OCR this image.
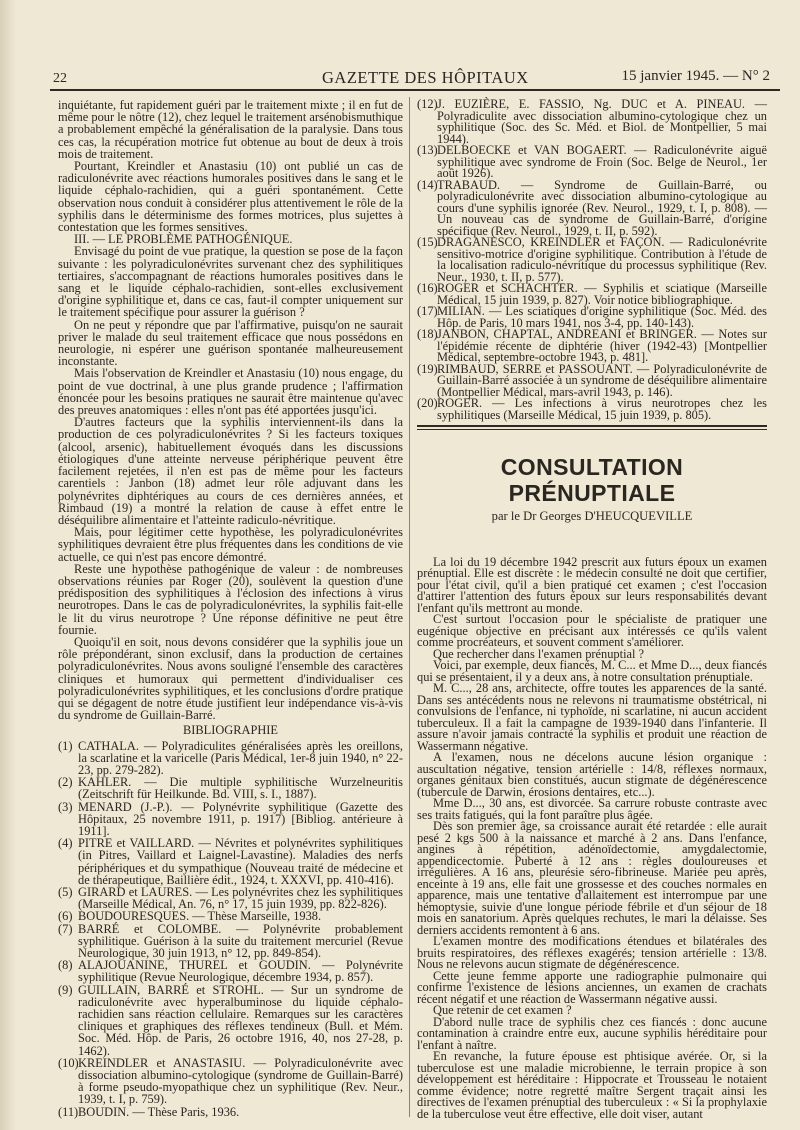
22	GAZETTE DES HÔPITAUX	15 janvier 1945. — N° 2

inquiétante, fut rapidement guéri par le traitement mixte ; il en fut de même pour le nôtre (12), chez lequel le traitement arsénobismuthique a probablement empêché la généralisation de la paralysie. Dans tous ces cas, la récupération motrice fut obtenue au bout de deux à trois mois de traitement.

Pourtant, Kreindler et Anastasiu (10) ont publié un cas de radiculonévrite avec réactions humorales positives dans le sang et le liquide céphalo-rachidien, qui a guéri spontanément. Cette observation nous conduit à considérer plus attentivement le rôle de la syphilis dans le déterminisme des formes motrices, plus sujettes à contestation que les formes sensitives.

III. — LE PROBLÈME PATHOGÉNIQUE.

Envisagé du point de vue pratique, la question se pose de la façon suivante : les polyradiculonévrites survenant chez des syphilitiques tertiaires, s'accompagnant de réactions humorales positives dans le sang et le liquide céphalo-rachidien, sont-elles exclusivement d'origine syphilitique et, dans ce cas, faut-il compter uniquement sur le traitement spécifique pour assurer la guérison ?

On ne peut y répondre que par l'affirmative, puisqu'on ne saurait priver le malade du seul traitement efficace que nous possédons en neurologie, ni espérer une guérison spontanée malheureusement inconstante.

Mais l'observation de Kreindler et Anastasiu (10) nous engage, du point de vue doctrinal, à une plus grande prudence ; l'affirmation énoncée pour les besoins pratiques ne saurait être maintenue qu'avec des preuves anatomiques : elles n'ont pas été apportées jusqu'ici.

D'autres facteurs que la syphilis interviennent-ils dans la production de ces polyradiculonévrites ? Si les facteurs toxiques (alcool, arsenic), habituellement évoqués dans les discussions étiologiques d'une atteinte nerveuse périphérique peuvent être facilement rejetées, il n'en est pas de même pour les facteurs carentiels : Janbon (18) admet leur rôle adjuvant dans les polynévrites diphtériques au cours de ces dernières années, et Rimbaud (19) a montré la relation de cause à effet entre le déséquilibre alimentaire et l'atteinte radiculo-névritique.

Mais, pour légitimer cette hypothèse, les polyradiculonévrites syphilitiques devraient être plus fréquentes dans les conditions de vie actuelle, ce qui n'est pas encore démontré.

Reste une hypothèse pathogénique de valeur : de nombreuses observations réunies par Roger (20), soulèvent la question d'une prédisposition des syphilitiques à l'éclosion des infections à virus neurotropes. Dans le cas de polyradiculonévrites, la syphilis fait-elle le lit du virus neurotrope ? Une réponse définitive ne peut être fournie.

Quoiqu'il en soit, nous devons considérer que la syphilis joue un rôle prépondérant, sinon exclusif, dans la production de certaines polyradiculonévrites. Nous avons souligné l'ensemble des caractères cliniques et humoraux qui permettent d'individualiser ces polyradiculonévrites syphilitiques, et les conclusions d'ordre pratique qui se dégagent de notre étude justifient leur indépendance vis-à-vis du syndrome de Guillain-Barré.

BIBLIOGRAPHIE

(1) CATHALA. — Polyradiculites généralisées après les oreillons, la scarlatine et la varicelle (Paris Médical, 1er-8 juin 1940, n° 22-23, pp. 279-282).
(2) KAHLER. — Die multiple syphilitische Wurzelneuritis (Zeitschrift für Heilkunde. Bd. VIII, s. I., 1887).
(3) MENARD (J.-P.). — Polynévrite syphilitique (Gazette des Hôpitaux, 25 novembre 1911, p. 1917) [Bibliog. antérieure à 1911].
(4) PITRE et VAILLARD. — Névrites et polynévrites syphilitiques (in Pitres, Vaillard et Laignel-Lavastine). Maladies des nerfs périphériques et du sympathique (Nouveau traité de médecine et de thérapeutique, Baillière édit., 1924, t. XXXVI, pp. 410-416).
(5) GIRARD et LAURES. — Les polynévrites chez les syphilitiques (Marseille Médical, An. 76, n° 17, 15 juin 1939, pp. 822-826).
(6) BOUDOURESQUES. — Thèse Marseille, 1938.
(7) BARRÉ et COLOMBE. — Polynévrite probablement syphilitique. Guérison à la suite du traitement mercuriel (Revue Neurologique, 30 juin 1913, n° 12, pp. 849-854).
(8) ALAJOUANINE, THUREL et GOUDIN. — Polynévrite syphilitique (Revue Neurologique, décembre 1934, p. 857).
(9) GUILLAIN, BARRÉ et STROHL. — Sur un syndrome de radiculonévrite avec hyperalbuminose du liquide céphalo-rachidien sans réaction cellulaire. Remarques sur les caractères cliniques et graphiques des réflexes tendineux (Bull. et Mém. Soc. Méd. Hôp. de Paris, 26 octobre 1916, 40, nos 27-28, p. 1462).
(10) KREINDLER et ANASTASIU. — Polyradiculonévrite avec dissociation albumino-cytologique (syndrome de Guillain-Barré) à forme pseudo-myopathique chez un syphilitique (Rev. Neur., 1939, t. I, p. 759).
(11) BOUDIN. — Thèse Paris, 1936.
(12) J. EUZIÈRE, E. FASSIO, Ng. DUC et A. PINEAU. — Polyradiculite avec dissociation albumino-cytologique chez un syphilitique (Soc. des Sc. Méd. et Biol. de Montpellier, 5 mai 1944).
(13) DELBOECKE et VAN BOGAERT. — Radiculonévrite aiguë syphilitique avec syndrome de Froin (Soc. Belge de Neurol., 1er août 1926).
(14) TRABAUD. — Syndrome de Guillain-Barré, ou polyradiculonévrite avec dissociation albumino-cytologique au cours d'une syphilis ignorée (Rev. Neurol., 1929, t. I, p. 808). — Un nouveau cas de syndrome de Guillain-Barré, d'origine spécifique (Rev. Neurol., 1929, t. II, p. 592).
(15) DRAGANESCO, KREINDLER et FAÇON. — Radiculonévrite sensitivo-motrice d'origine syphilitique. Contribution à l'étude de la localisation radiculo-névritique du processus syphilitique (Rev. Neur., 1930, t. II, p. 577).
(16) ROGER et SCHACHTER. — Syphilis et sciatique (Marseille Médical, 15 juin 1939, p. 827). Voir notice bibliographique.
(17) MILIAN. — Les sciatiques d'origine syphilitique (Soc. Méd. des Hôp. de Paris, 10 mars 1941, nos 3-4, pp. 140-143).
(18) JANBON, CHAPTAL, ANDREANI et BRINGER. — Notes sur l'épidémie récente de diphtérie (hiver (1942-43) [Montpellier Médical, septembre-octobre 1943, p. 481].
(19) RIMBAUD, SERRE et PASSOUANT. — Polyradiculonévrite de Guillain-Barré associée à un syndrome de déséquilibre alimentaire (Montpellier Médical, mars-avril 1943, p. 146).
(20) ROGER. — Les infections à virus neurotropes chez les syphilitiques (Marseille Médical, 15 juin 1939, p. 805).
CONSULTATION PRÉNUPTIALE
par le Dr Georges D'HEUCQUEVILLE

La loi du 19 décembre 1942 prescrit aux futurs époux un examen prénuptial. Elle est discrète : le médecin consulté ne doit que certifier, pour l'état civil, qu'il a bien pratiqué cet examen ; c'est l'occasion d'attirer l'attention des futurs époux sur leurs responsabilités devant l'enfant qu'ils mettront au monde.

C'est surtout l'occasion pour le spécialiste de pratiquer une eugénique objective en précisant aux intéressés ce qu'ils valent comme procréateurs, et souvent comment s'améliorer.

Que rechercher dans l'examen prénuptial ?

Voici, par exemple, deux fiancés, M. C... et Mme D..., deux fiancés qui se présentaient, il y a deux ans, à notre consultation prénuptiale.

M. C..., 28 ans, architecte, offre toutes les apparences de la santé. Dans ses antécédents nous ne relevons ni traumatisme obstétrical, ni convulsions de l'enfance, ni typhoïde, ni scarlatine, ni aucun accident tuberculeux. Il a fait la campagne de 1939-1940 dans l'infanterie. Il assure n'avoir jamais contracté la syphilis et produit une réaction de Wassermann négative.

A l'examen, nous ne décelons aucune lésion organique : auscultation négative, tension artérielle : 14/8, réflexes normaux, organes génitaux bien constitués, aucun stigmate de dégénérescence (tubercule de Darwin, érosions dentaires, etc...).

Mme D..., 30 ans, est divorcée. Sa carrure robuste contraste avec ses traits fatigués, qui la font paraître plus âgée.

Dès son premier âge, sa croissance aurait été retardée : elle aurait pesé 2 kgs 500 à la naissance et marché à 2 ans. Dans l'enfance, angines à répétition, adénoïdectomie, amygdalectomie, appendicectomie. Puberté à 12 ans : règles douloureuses et irrégulières. A 16 ans, pleurésie séro-fibrineuse. Mariée peu après, enceinte à 19 ans, elle fait une grossesse et des couches normales en apparence, mais une tentative d'allaitement est interrompue par une hémoptysie, suivie d'une longue période fébrile et d'un séjour de 18 mois en sanatorium. Après quelques rechutes, le mari la délaisse. Ses derniers accidents remontent à 6 ans.

L'examen montre des modifications étendues et bilatérales des bruits respiratoires, des réflexes exagérés; tension artérielle : 13/8. Nous ne relevons aucun stigmate de dégénérescence.

Cette jeune femme apporte une radiographie pulmonaire qui confirme l'existence de lésions anciennes, un examen de crachats récent négatif et une réaction de Wassermann négative aussi.

Que retenir de cet examen ?

D'abord nulle trace de syphilis chez ces fiancés : donc aucune contamination à craindre entre eux, aucune syphilis héréditaire pour l'enfant à naître.

En revanche, la future épouse est phtisique avérée. Or, si la tuberculose est une maladie microbienne, le terrain propice à son développement est héréditaire : Hippocrate et Trousseau le notaient comme évidence; notre regretté maître Sergent traçait ainsi les directives de l'examen prénuptial des tuberculeux : « Si la prophylaxie de la tuberculose veut être effective, elle doit viser, autant
